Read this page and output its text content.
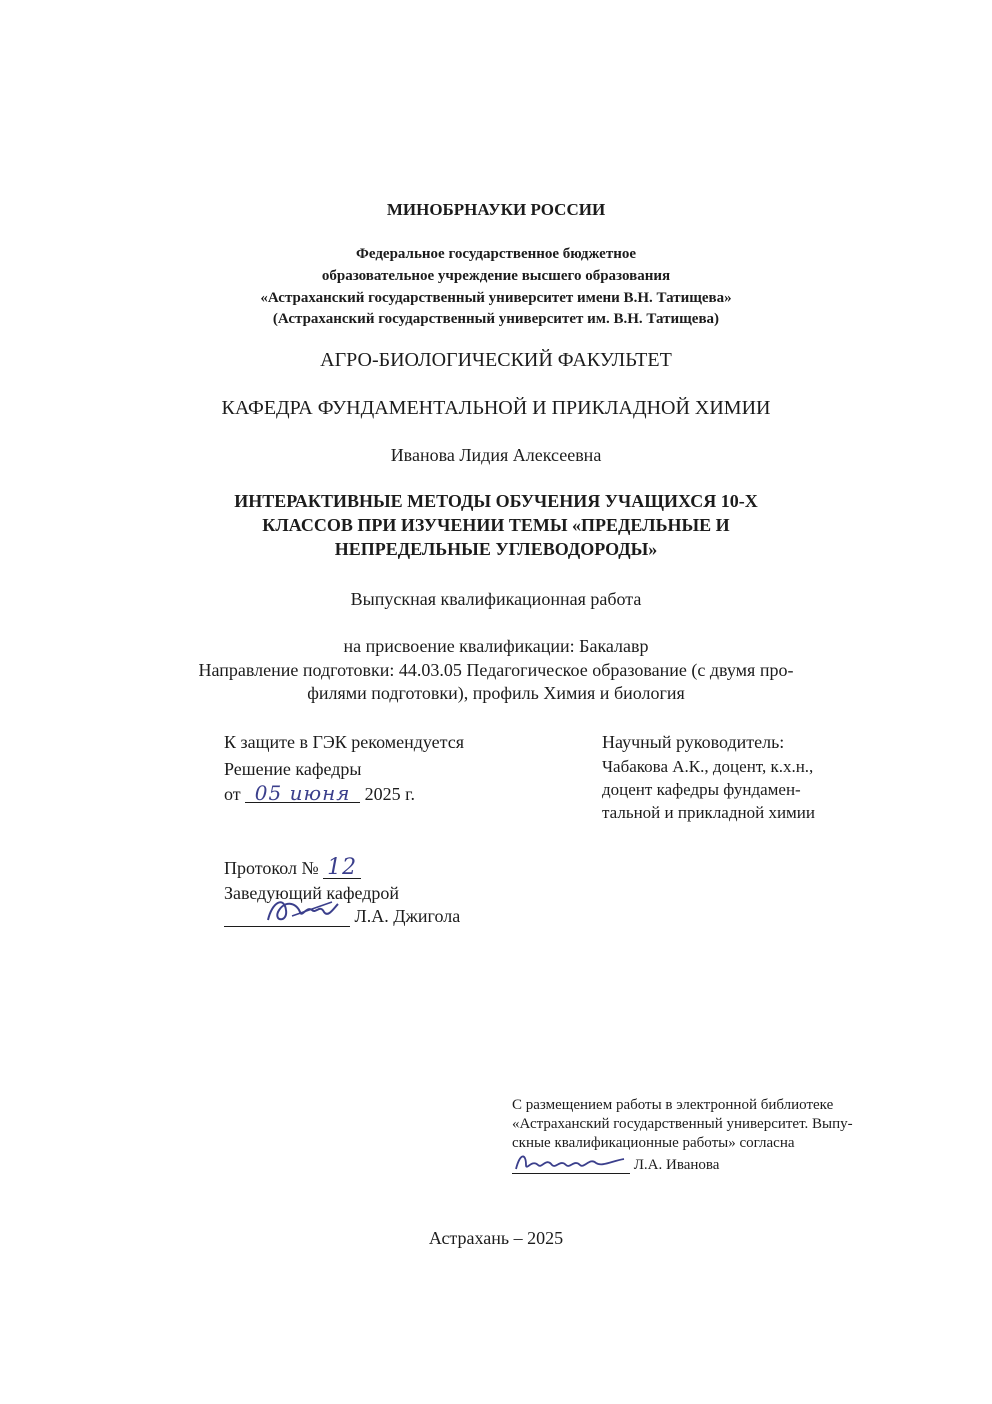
МИНОБРНАУКИ РОССИИ
Федеральное государственное бюджетное
образовательное учреждение высшего образования
«Астраханский государственный университет имени В.Н. Татищева»
(Астраханский государственный университет им. В.Н. Татищева)
АГРО-БИОЛОГИЧЕСКИЙ ФАКУЛЬТЕТ
КАФЕДРА ФУНДАМЕНТАЛЬНОЙ И ПРИКЛАДНОЙ ХИМИИ
Иванова Лидия Алексеевна
ИНТЕРАКТИВНЫЕ МЕТОДЫ ОБУЧЕНИЯ УЧАЩИХСЯ 10-Х
КЛАССОВ ПРИ ИЗУЧЕНИИ ТЕМЫ «ПРЕДЕЛЬНЫЕ И
НЕПРЕДЕЛЬНЫЕ УГЛЕВОДОРОДЫ»
Выпускная квалификационная работа
на присвоение квалификации: Бакалавр
Направление подготовки: 44.03.05 Педагогическое образование (с двумя про-
филями подготовки), профиль Химия и биология
К защите в ГЭК рекомендуется
Решение кафедры
от 05 июня 2025 г.
Протокол № 12
Заведующий кафедрой
Л.А. Джигола
Научный руководитель:
Чабакова А.К., доцент, к.х.н.,
доцент кафедры фундамен-
тальной и прикладной химии
С размещением работы в электронной библиотеке
«Астраханский государственный университет. Выпу-
скные квалификационные работы» согласна
Л.А. Иванова
Астрахань – 2025
